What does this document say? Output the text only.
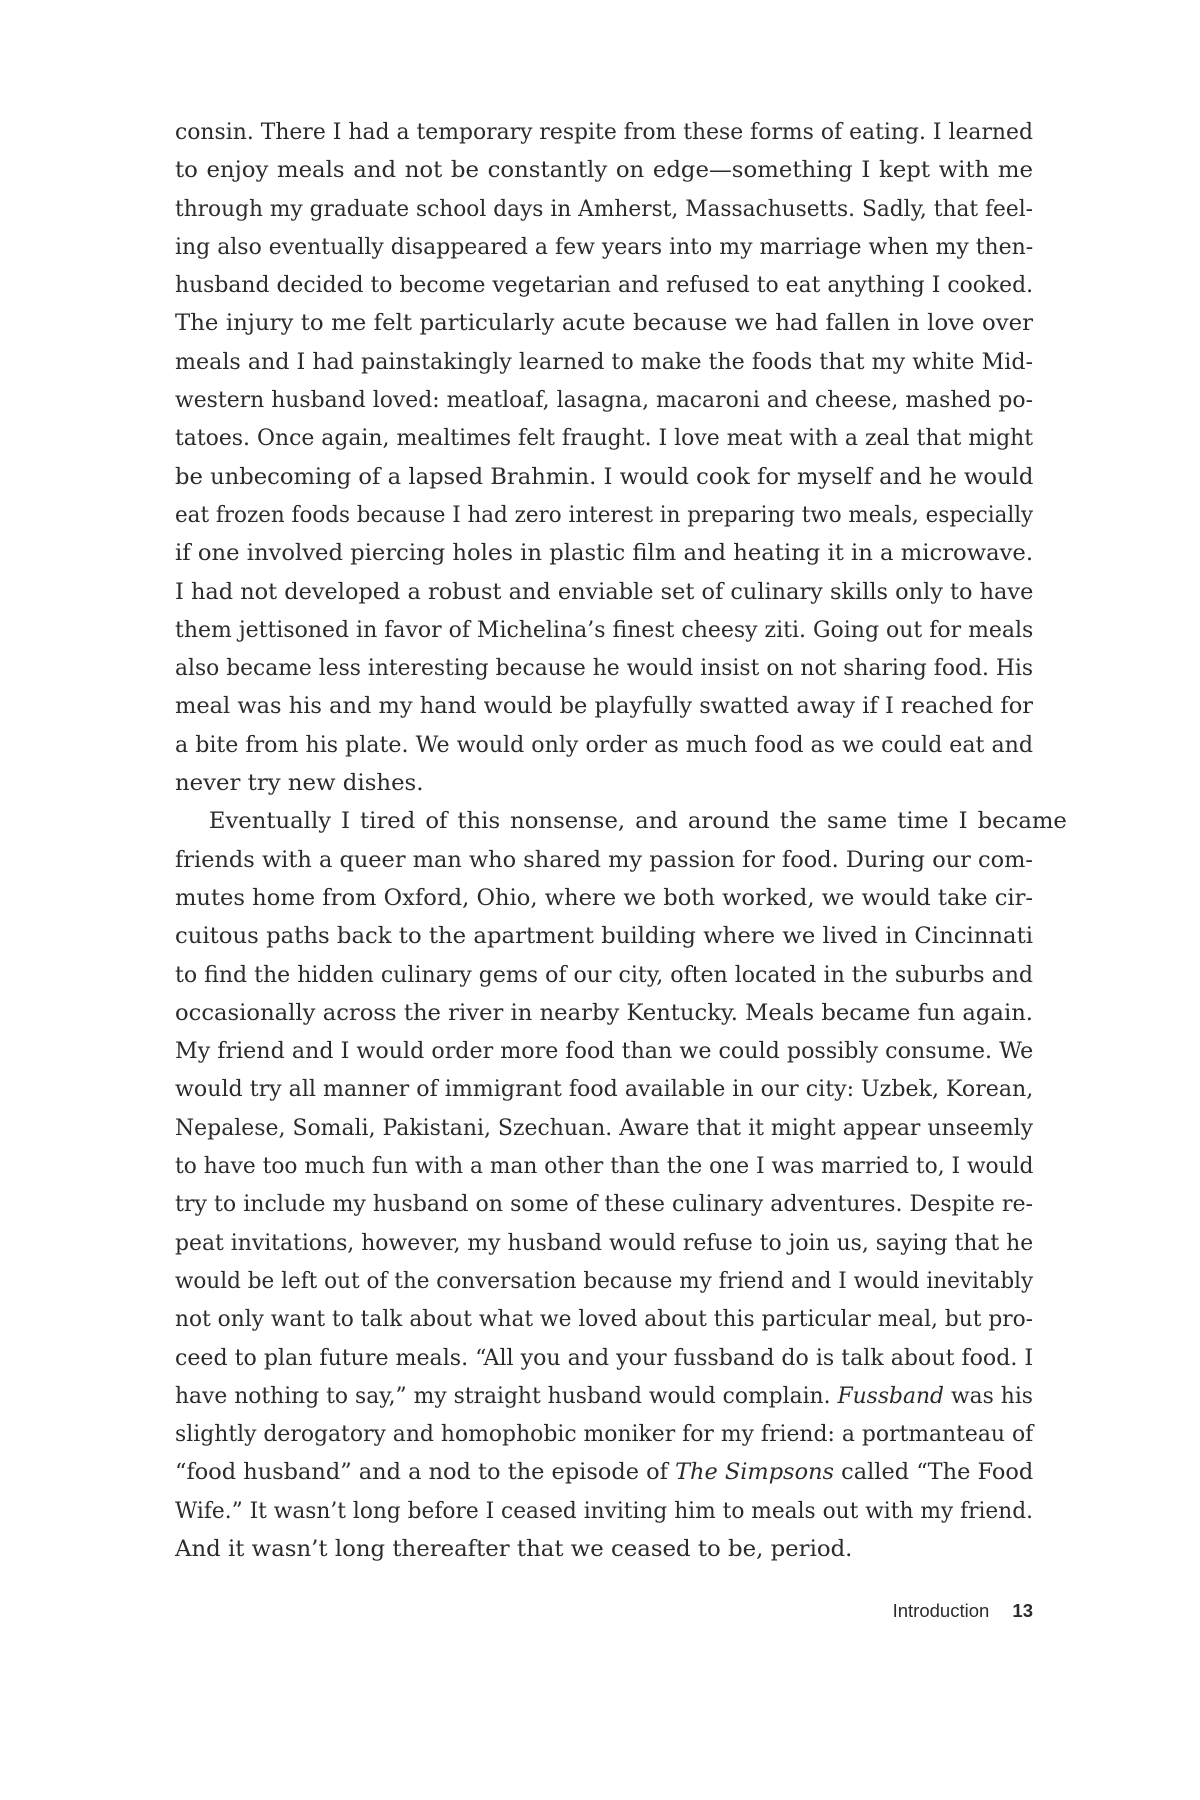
consin. There I had a temporary respite from these forms of eating. I learned
to enjoy meals and not be constantly on edge—something I kept with me
through my graduate school days in Amherst, Massachusetts. Sadly, that feel-
ing also eventually disappeared a few years into my marriage when my then-
husband decided to become vegetarian and refused to eat anything I cooked.
The injury to me felt particularly acute because we had fallen in love over
meals and I had painstakingly learned to make the foods that my white Mid-
western husband loved: meatloaf, lasagna, macaroni and cheese, mashed po-
tatoes. Once again, mealtimes felt fraught. I love meat with a zeal that might
be unbecoming of a lapsed Brahmin. I would cook for myself and he would
eat frozen foods because I had zero interest in preparing two meals, especially
if one involved piercing holes in plastic film and heating it in a microwave.
I had not developed a robust and enviable set of culinary skills only to have
them jettisoned in favor of Michelina’s finest cheesy ziti. Going out for meals
also became less interesting because he would insist on not sharing food. His
meal was his and my hand would be playfully swatted away if I reached for
a bite from his plate. We would only order as much food as we could eat and
never try new dishes.
Eventually I tired of this nonsense, and around the same time I became
friends with a queer man who shared my passion for food. During our com-
mutes home from Oxford, Ohio, where we both worked, we would take cir-
cuitous paths back to the apartment building where we lived in Cincinnati
to find the hidden culinary gems of our city, often located in the suburbs and
occasionally across the river in nearby Kentucky. Meals became fun again.
My friend and I would order more food than we could possibly consume. We
would try all manner of immigrant food available in our city: Uzbek, Korean,
Nepalese, Somali, Pakistani, Szechuan. Aware that it might appear unseemly
to have too much fun with a man other than the one I was married to, I would
try to include my husband on some of these culinary adventures. Despite re-
peat invitations, however, my husband would refuse to join us, saying that he
would be left out of the conversation because my friend and I would inevitably
not only want to talk about what we loved about this particular meal, but pro-
ceed to plan future meals. “All you and your fussband do is talk about food. I
have nothing to say,” my straight husband would complain. Fussband was his
slightly derogatory and homophobic moniker for my friend: a portmanteau of
“food husband” and a nod to the episode of The Simpsons called “The Food
Wife.” It wasn’t long before I ceased inviting him to meals out with my friend.
And it wasn’t long thereafter that we ceased to be, period.
Introduction 13
